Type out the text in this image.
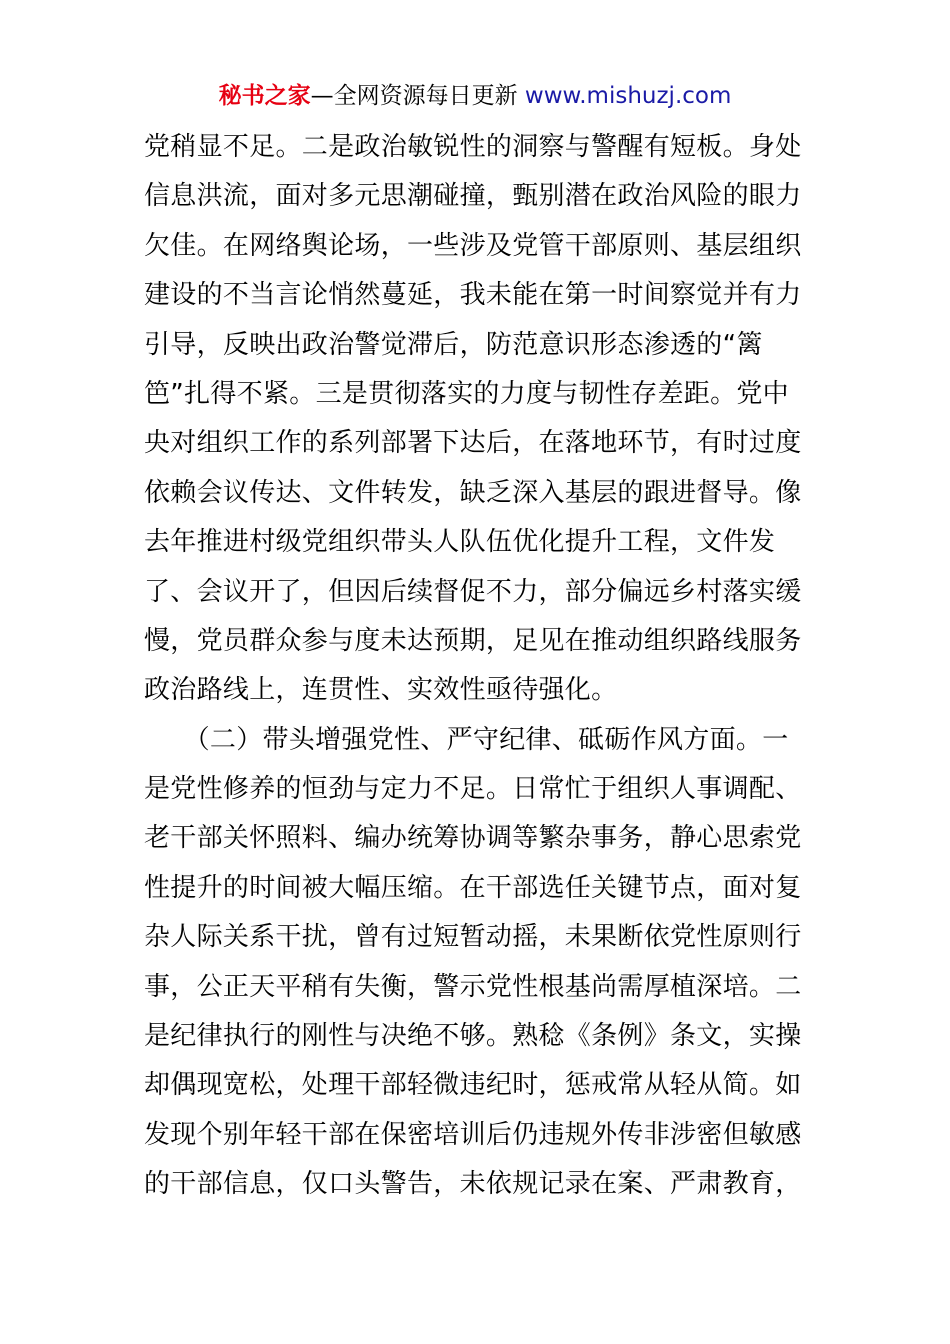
秘书之家—全网资源每日更新 www.mishuzj.com
党稍显不足。二是政治敏锐性的洞察与警醒有短板。身处
信息洪流，面对多元思潮碰撞，甄别潜在政治风险的眼力
欠佳。在网络舆论场，一些涉及党管干部原则、基层组织
建设的不当言论悄然蔓延，我未能在第一时间察觉并有力
引导，反映出政治警觉滞后，防范意识形态渗透的“篱
笆”扎得不紧。三是贯彻落实的力度与韧性存差距。党中
央对组织工作的系列部署下达后，在落地环节，有时过度
依赖会议传达、文件转发，缺乏深入基层的跟进督导。像
去年推进村级党组织带头人队伍优化提升工程，文件发
了、会议开了，但因后续督促不力，部分偏远乡村落实缓
慢，党员群众参与度未达预期，足见在推动组织路线服务
政治路线上，连贯性、实效性亟待强化。
　　（二）带头增强党性、严守纪律、砥砺作风方面。一
是党性修养的恒劲与定力不足。日常忙于组织人事调配、
老干部关怀照料、编办统筹协调等繁杂事务，静心思索党
性提升的时间被大幅压缩。在干部选任关键节点，面对复
杂人际关系干扰，曾有过短暂动摇，未果断依党性原则行
事，公正天平稍有失衡，警示党性根基尚需厚植深培。二
是纪律执行的刚性与决绝不够。熟稔《条例》条文，实操
却偶现宽松，处理干部轻微违纪时，惩戒常从轻从简。如
发现个别年轻干部在保密培训后仍违规外传非涉密但敏感
的干部信息，仅口头警告，未依规记录在案、严肃教育，
